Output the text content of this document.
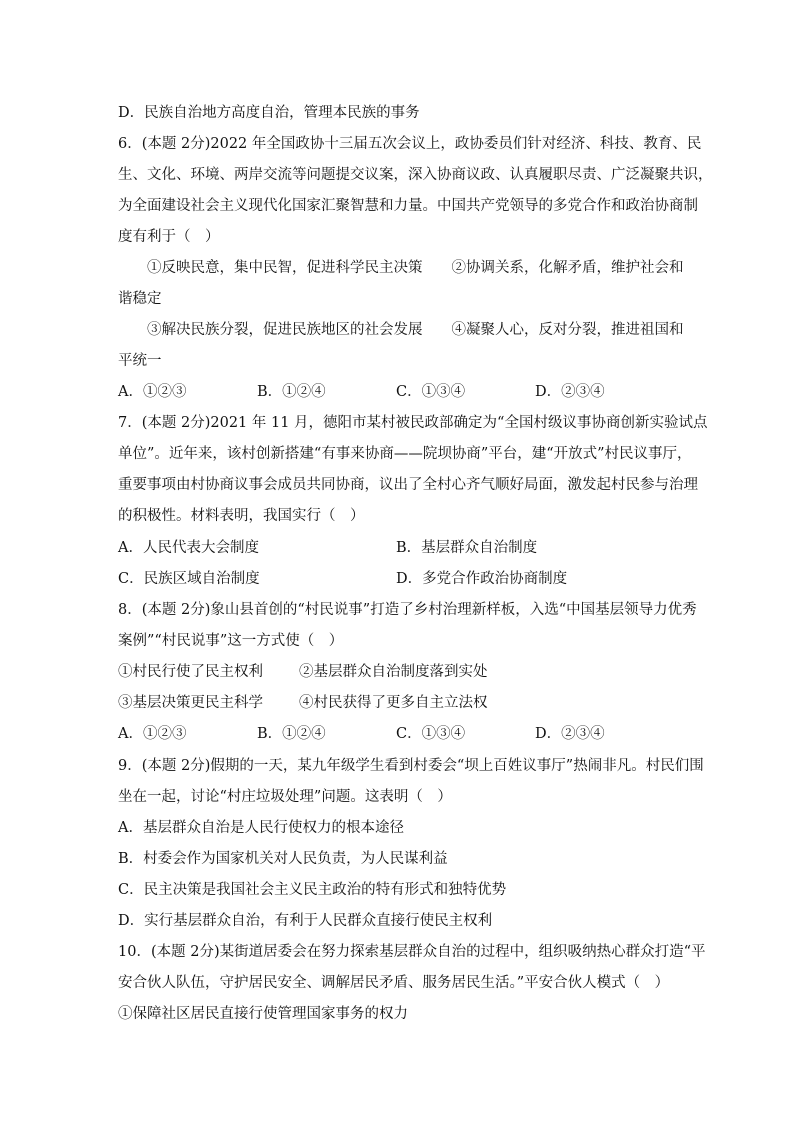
D．民族自治地方高度自治，管理本民族的事务
6．(本题 2分)2022 年全国政协十三届五次会议上，政协委员们针对经济、科技、教育、民
生、文化、环境、两岸交流等问题提交议案，深入协商议政、认真履职尽责、广泛凝聚共识，
为全面建设社会主义现代化国家汇聚智慧和力量。中国共产党领导的多党合作和政治协商制
度有利于（　）
①反映民意，集中民智，促进科学民主决策　　②协调关系，化解矛盾，维护社会和
谐稳定
③解决民族分裂，促进民族地区的社会发展　　④凝聚人心，反对分裂，推进祖国和
平统一
A．①②③	B．①②④	C．①③④	D．②③④
7．(本题 2分)2021 年 11 月，德阳市某村被民政部确定为“全国村级议事协商创新实验试点
单位”。近年来，该村创新搭建“有事来协商——院坝协商”平台，建“开放式”村民议事厅，
重要事项由村协商议事会成员共同协商，议出了全村心齐气顺好局面，激发起村民参与治理
的积极性。材料表明，我国实行（　）
A．人民代表大会制度	B．基层群众自治制度
C．民族区域自治制度	D．多党合作政治协商制度
8．(本题 2分)象山县首创的“村民说事”打造了乡村治理新样板，入选“中国基层领导力优秀
案例”“村民说事”这一方式使（　）
①村民行使了民主权利 ②基层群众自治制度落到实处
③基层决策更民主科学 ④村民获得了更多自主立法权
A．①②③	B．①②④	C．①③④	D．②③④
9．(本题 2分)假期的一天，某九年级学生看到村委会“坝上百姓议事厅”热闹非凡。村民们围
坐在一起，讨论“村庄垃圾处理”问题。这表明（　）
A．基层群众自治是人民行使权力的根本途径
B．村委会作为国家机关对人民负责，为人民谋利益
C．民主决策是我国社会主义民主政治的特有形式和独特优势
D．实行基层群众自治，有利于人民群众直接行使民主权利
10．(本题 2分)某街道居委会在努力探索基层群众自治的过程中，组织吸纳热心群众打造“平
安合伙人队伍，守护居民安全、调解居民矛盾、服务居民生活。”平安合伙人模式（　）
①保障社区居民直接行使管理国家事务的权力
